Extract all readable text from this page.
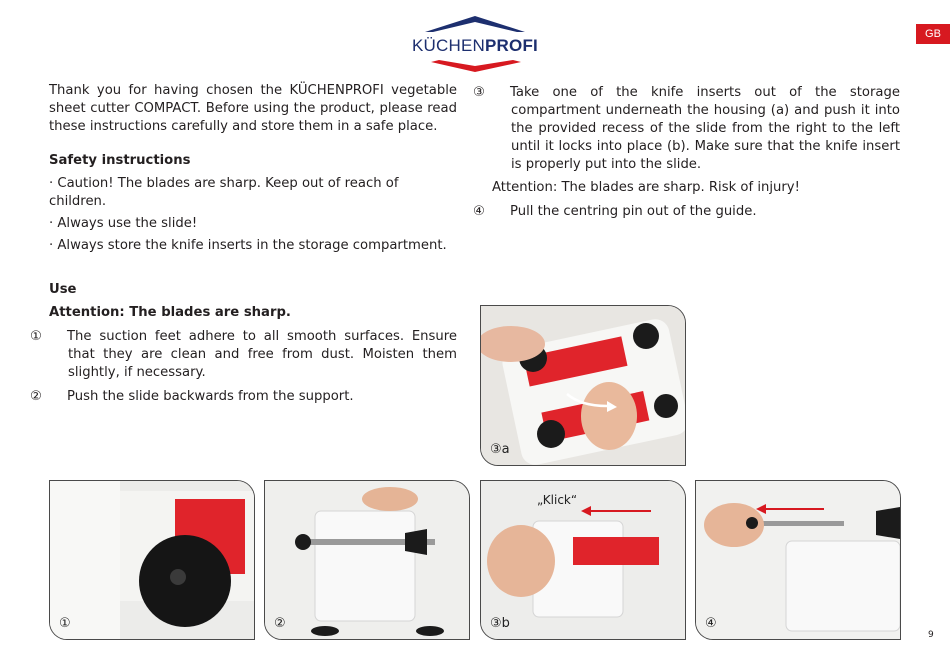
KÜCHENPROFI
GB

Thank you for having chosen the KÜCHENPROFI vegetable sheet cutter COMPACT. Before using the product, please read these instructions carefully and store them in a safe place.

Safety instructions

· Caution! The blades are sharp. Keep out of reach of children.

· Always use the slide!

· Always store the knife inserts in the storage compartment.

Use

Attention: The blades are sharp.

① The suction feet adhere to all smooth surfaces. Ensure that they are clean and free from dust. Moisten them slightly, if necessary.

② Push the slide backwards from the support.

③ Take one of the knife inserts out of the storage compartment underneath the housing (a) and push it into the provided recess of the slide from the right to the left until it locks into place (b). Make sure that the knife insert is properly put into the slide.

Attention: The blades are sharp. Risk of injury!

④ Pull the centring pin out of the guide.

③a
①	②
„Klick“
③b	④
9
